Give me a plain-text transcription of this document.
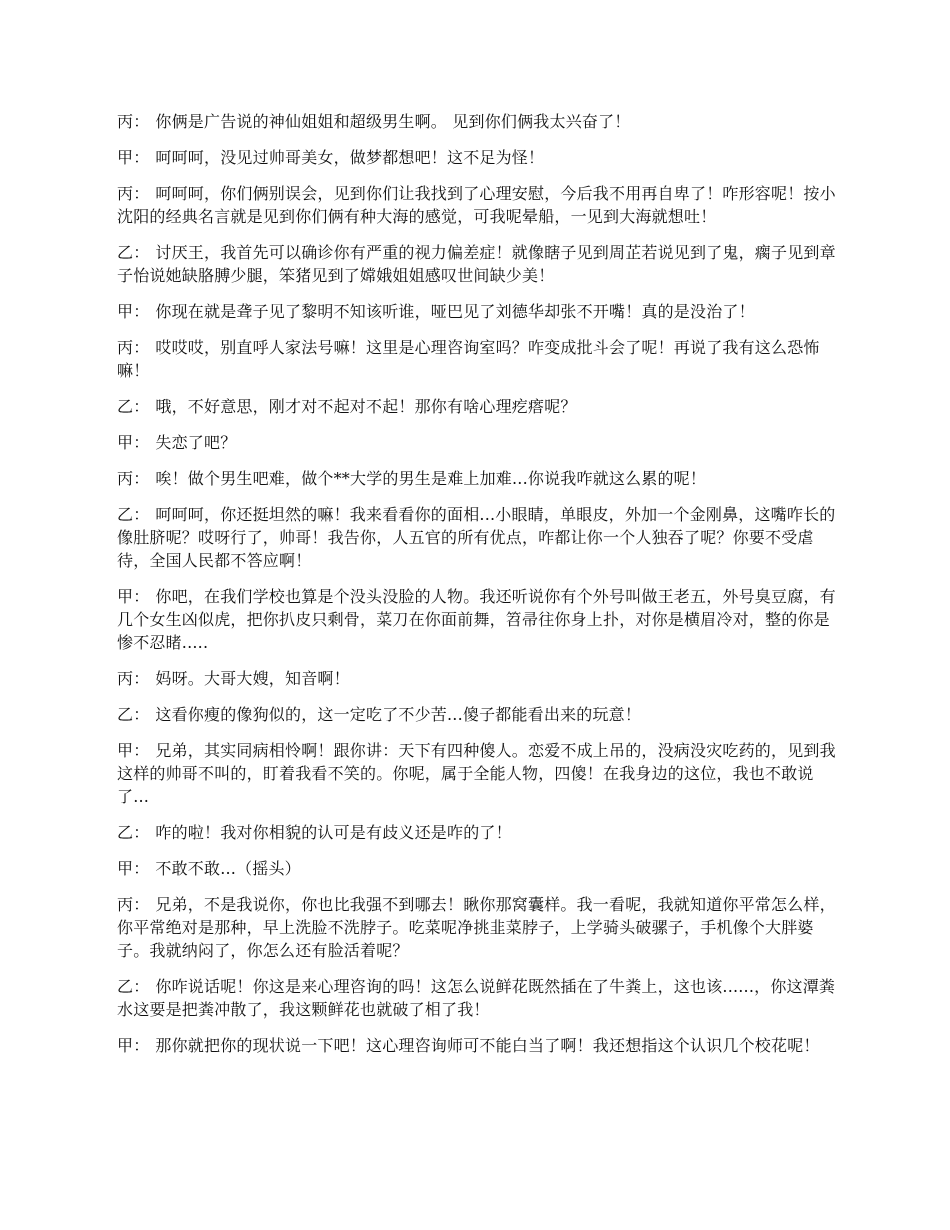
丙： 你俩是广告说的神仙姐姐和超级男生啊。 见到你们俩我太兴奋了！

甲： 呵呵呵，没见过帅哥美女，做梦都想吧！这不足为怪！

丙： 呵呵呵，你们俩别误会，见到你们让我找到了心理安慰，今后我不用再自卑了！咋形容呢！按小沈阳的经典名言就是见到你们俩有种大海的感觉，可我呢晕船，一见到大海就想吐！

乙： 讨厌王，我首先可以确诊你有严重的视力偏差症！就像瞎子见到周芷若说见到了鬼，瘸子见到章子怡说她缺胳膊少腿，笨猪见到了嫦娥姐姐感叹世间缺少美！

甲： 你现在就是聋子见了黎明不知该听谁，哑巴见了刘德华却张不开嘴！真的是没治了！

丙： 哎哎哎，别直呼人家法号嘛！这里是心理咨询室吗？咋变成批斗会了呢！再说了我有这么恐怖嘛！

乙： 哦，不好意思，刚才对不起对不起！那你有啥心理疙瘩呢？

甲： 失恋了吧？

丙： 唉！做个男生吧难，做个**大学的男生是难上加难...你说我咋就这么累的呢！

乙： 呵呵呵，你还挺坦然的嘛！我来看看你的面相...小眼睛，单眼皮，外加一个金刚鼻，这嘴咋长的像肚脐呢？哎呀行了，帅哥！我告你，人五官的所有优点，咋都让你一个人独吞了呢？你要不受虐待，全国人民都不答应啊！

甲： 你吧，在我们学校也算是个没头没脸的人物。我还听说你有个外号叫做王老五，外号臭豆腐，有几个女生凶似虎，把你扒皮只剩骨，菜刀在你面前舞，笤帚往你身上扑，对你是横眉冷对，整的你是惨不忍睹.....

丙： 妈呀。大哥大嫂，知音啊！

乙： 这看你瘦的像狗似的，这一定吃了不少苦...傻子都能看出来的玩意！

甲： 兄弟，其实同病相怜啊！跟你讲：天下有四种傻人。恋爱不成上吊的，没病没灾吃药的，见到我这样的帅哥不叫的，盯着我看不笑的。你呢，属于全能人物，四傻！在我身边的这位，我也不敢说了...

乙： 咋的啦！我对你相貌的认可是有歧义还是咋的了！

甲： 不敢不敢...（摇头）

丙： 兄弟，不是我说你，你也比我强不到哪去！瞅你那窝囊样。我一看呢，我就知道你平常怎么样，你平常绝对是那种，早上洗脸不洗脖子。吃菜呢净挑韭菜脖子，上学骑头破骡子，手机像个大胖婆子。我就纳闷了，你怎么还有脸活着呢？

乙： 你咋说话呢！你这是来心理咨询的吗！这怎么说鲜花既然插在了牛粪上，这也该......，你这潭粪水这要是把粪冲散了，我这颗鲜花也就破了相了我！

甲： 那你就把你的现状说一下吧！这心理咨询师可不能白当了啊！我还想指这个认识几个校花呢！
